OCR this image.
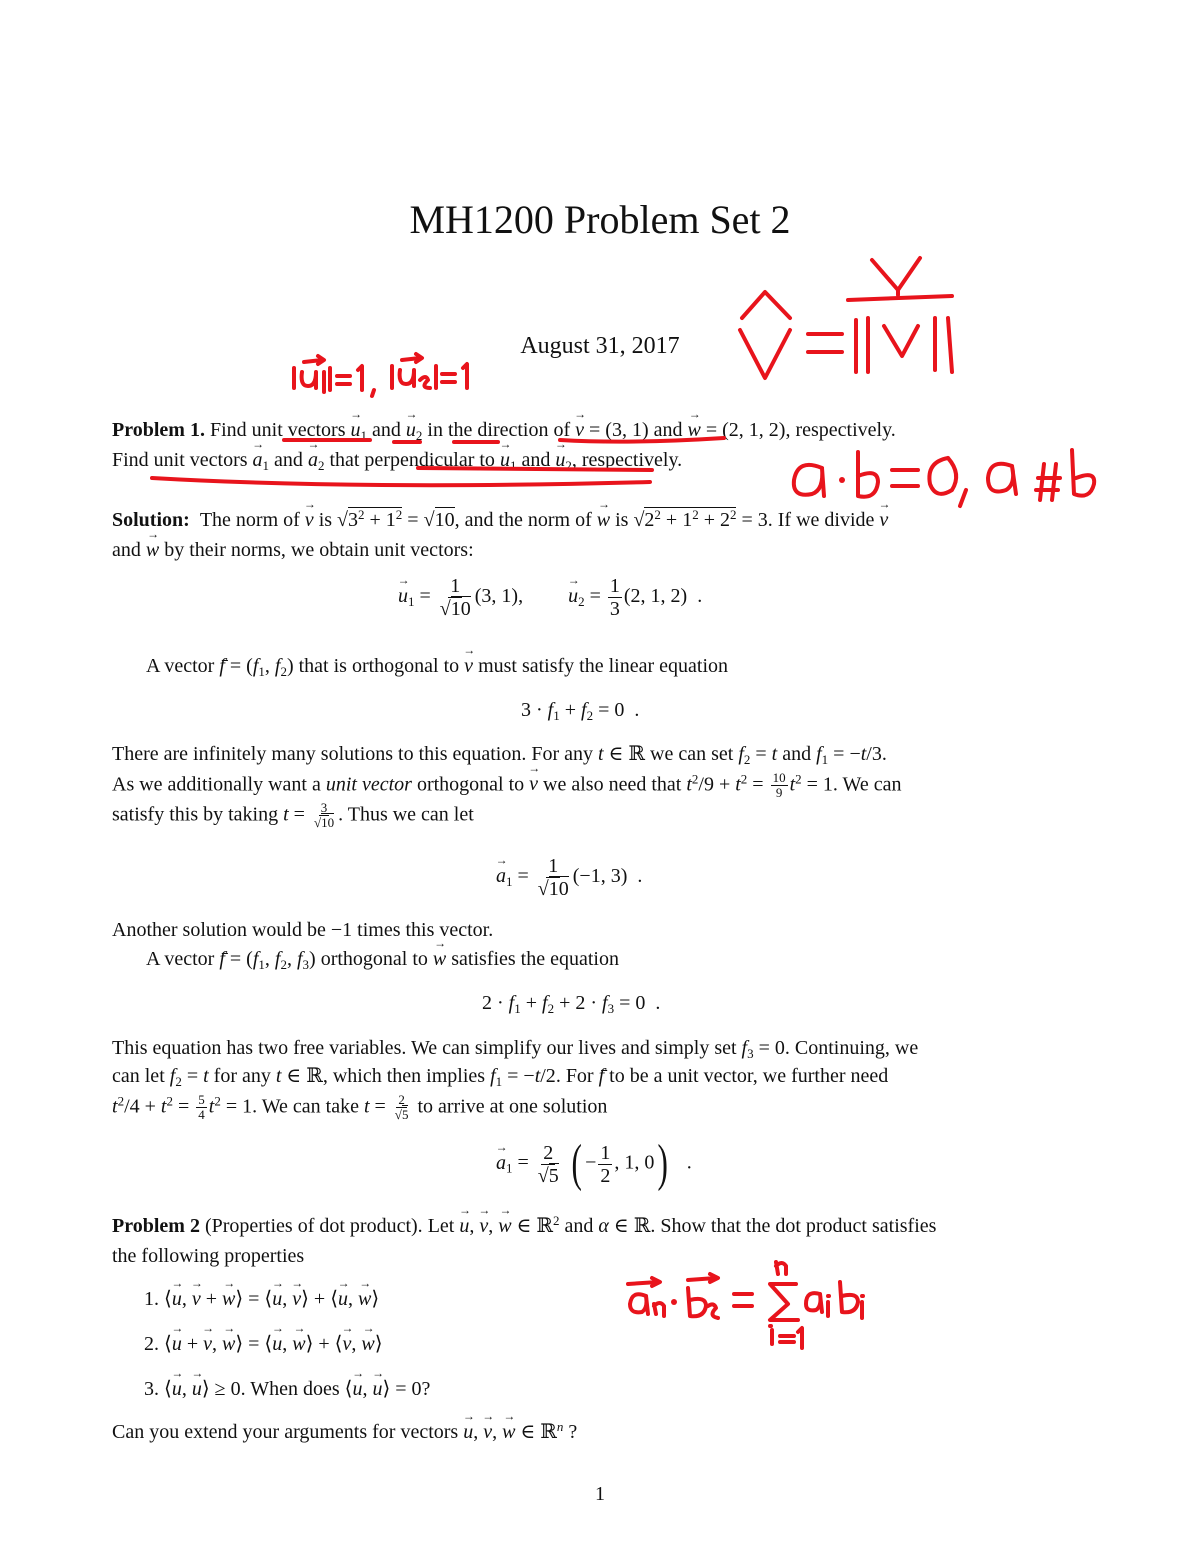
MH1200 Problem Set 2
August 31, 2017
Problem 1. Find unit vectors → $u_1$ and → $u_2$ in the direction of → v = (3, 1) and → w = (2, 1, 2), respectively.
Find unit vectors → $a_1$ and → $a_2$ that perpendicular to → $u_1$ and → $u_2$, respectively.
Solution: The norm of → v is $√3^2 + 1^2 = √10$, and the norm of → w is $√2^2 + 1^2 + 2^2 = 3$. If we divide → v
and → w by their norms, we obtain unit vectors:
→ $u_1 = \frac{1}{√10} (3$, 1),         → $u_2 = \frac{1}{3} (2$, 1, 2)  .
A vector f̄ = ($f_1$, $f_2$) that is orthogonal to → v must satisfy the linear equation
$3 \cdot f_1 + f_2 = 0$  .
There are infinitely many solutions to this equation. For any t ∈ ℝ we can set $f_2 = t$ and $f_1 = -t/3$.
As we additionally want a unit vector orthogonal to → v we also need that $t^2/9 + t^2 = \frac{10}{9} t^2 = 1$. We can
satisfy this by taking $t = \frac{3}{√10}$ . Thus we can let
→ $a_1 = \frac{1}{√10} (-1$, 3)  .
Another solution would be −1 times this vector.
A vector f̄ = ($f_1$, $f_2$, $f_3$) orthogonal to → w satisfies the equation
$2 \cdot f_1 + f_2 + 2 \cdot f_3 = 0$  .
This equation has two free variables. We can simplify our lives and simply set $f_3 = 0$. Continuing, we
can let $f_2 = t$ for any t ∈ ℝ, which then implies $f_1 = -t/2$. For f̄ to be a unit vector, we further need
$t^2/4 + t^2 = \frac{5}{4} t^2 = 1$. We can take $t = \frac{2}{√5}$ to arrive at one solution
→ $a_1 = \frac{2}{√5}$ ( − $\frac{1}{2}$ , 1, 0)   .
Problem 2 (Properties of dot product). Let → u, → v, → w ∈ ℝ$^2$ and α ∈ ℝ. Show that the dot product satisfies
the following properties
1. ⟨→ u, → v + → w⟩ = ⟨→ u, → v⟩ + ⟨→ u, → w⟩
2. ⟨→ u + → v, → w⟩ = ⟨→ u, → w⟩ + ⟨→ v, → w⟩
3. ⟨→ u, → u⟩ ≥ 0. When does ⟨→ u, → u⟩ = 0?
Can you extend your arguments for vectors → u, → v, → w ∈ ℝ$^n$ ?
1
